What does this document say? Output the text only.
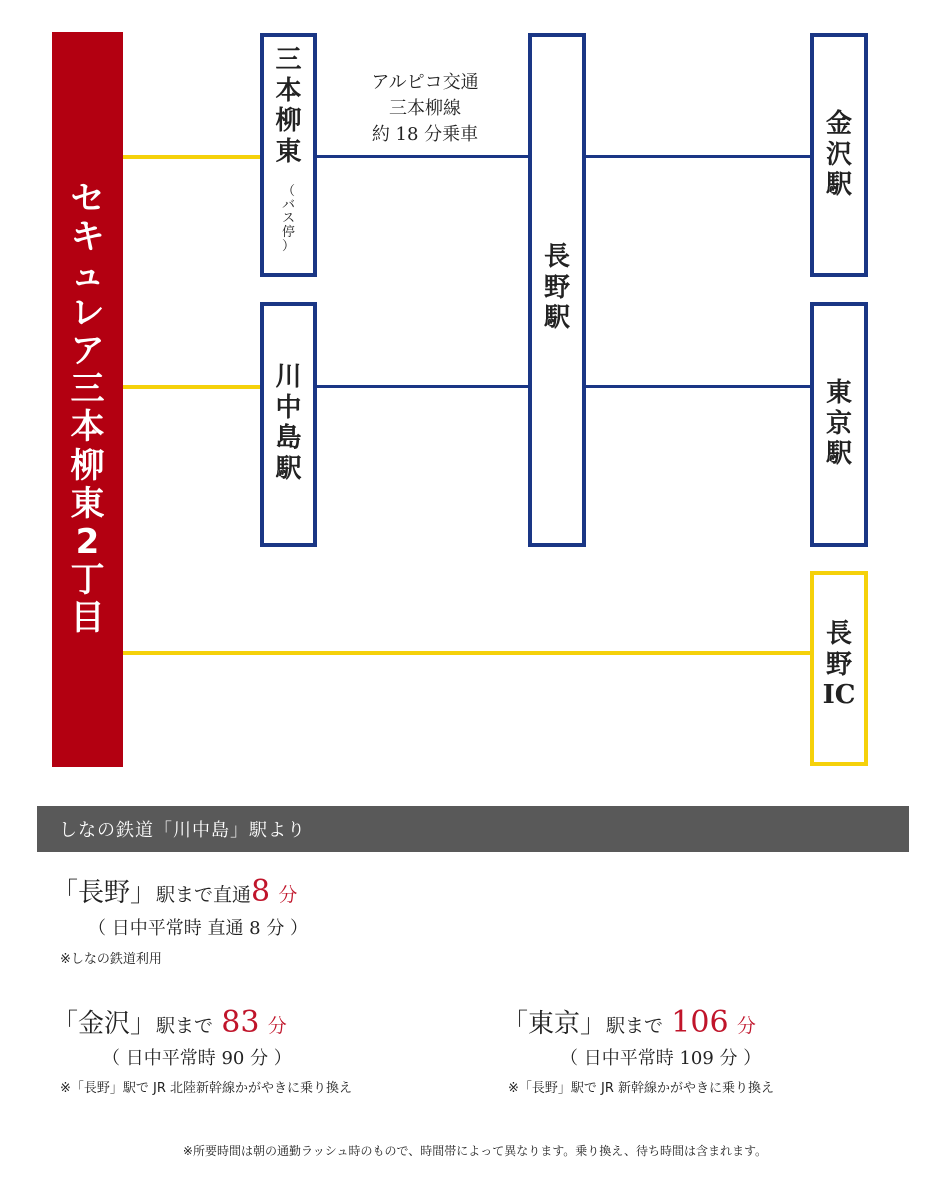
セ
キ
ュ
レ
ア
三
本
柳
東
2
丁
目
三
本
柳
東
（
バ
ス
停
）
川
中
島
駅
長
野
駅
金
沢
駅
東
京
駅
長
野
IC
アルピコ交通
三本柳線
約 18 分乗車
しなの鉄道「川中島」駅より
「長野」駅まで直通8 分
（ 日中平常時 直通 8 分 ）
※しなの鉄道利用
「金沢」駅まで 83 分
（ 日中平常時 90 分 ）
※「長野」駅で JR 北陸新幹線かがやきに乗り換え
「東京」駅まで 106 分
（ 日中平常時 109 分 ）
※「長野」駅で JR 新幹線かがやきに乗り換え
※所要時間は朝の通勤ラッシュ時のもので、時間帯によって異なります。乗り換え、待ち時間は含まれます。
